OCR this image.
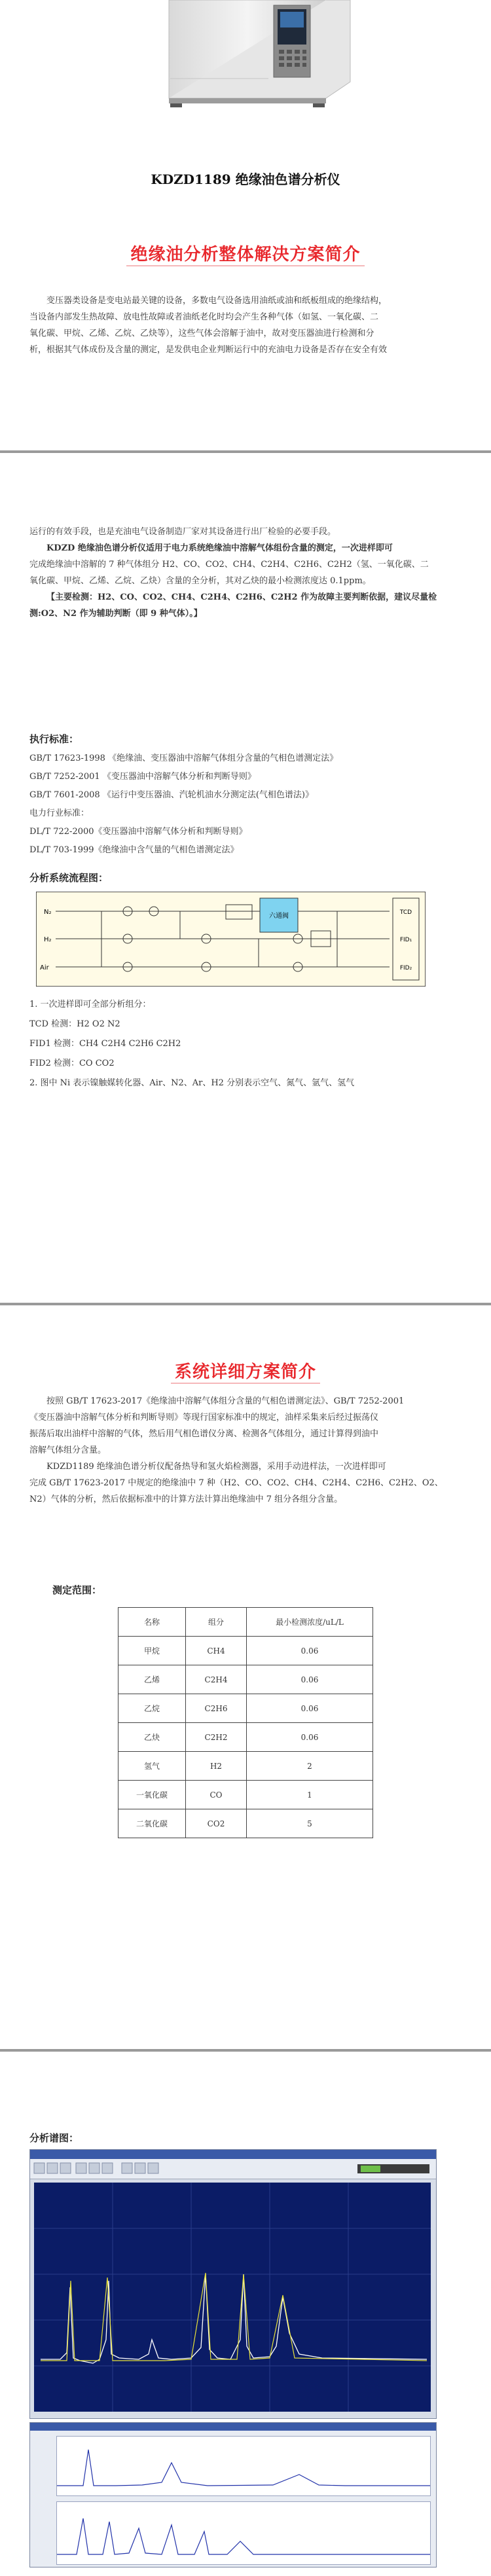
KDZD1189 绝缘油色谱分析仪
绝缘油分析整体解决方案简介

变压器类设备是变电站最关键的设备，多数电气设备选用油纸或油和纸板组成的绝缘结构，

当设备内部发生热故障、放电性故障或者油纸老化时均会产生各种气体（如氢、一氧化碳、二

氧化碳、甲烷、乙烯、乙烷、乙炔等），这些气体会溶解于油中，故对变压器油进行检测和分

析，根据其气体成份及含量的测定，是发供电企业判断运行中的充油电力设备是否存在安全有效

运行的有效手段，也是充油电气设备制造厂家对其设备进行出厂检验的必要手段。

KDZD 绝缘油色谱分析仪适用于电力系统绝缘油中溶解气体组份含量的测定，一次进样即可

完成绝缘油中溶解的 7 种气体组分 H2、CO、CO2、CH4、C2H4、C2H6、C2H2（氢、一氧化碳、二

氧化碳、甲烷、乙烯、乙烷、乙炔）含量的全分析，其对乙炔的最小检测浓度达 0.1ppm。

【主要检测：H2、CO、CO2、CH4、C2H4、C2H6、C2H2 作为故障主要判断依据，建议尽量检

测:O2、N2 作为辅助判断（即 9 种气体）。】

执行标准：

GB/T 17623-1998 《绝缘油、变压器油中溶解气体组分含量的气相色谱测定法》

GB/T 7252-2001 《变压器油中溶解气体分析和判断导则》

GB/T 7601-2008 《运行中变压器油、汽轮机油水分测定法(气相色谱法)》

电力行业标准：

DL/T 722-2000《变压器油中溶解气体分析和判断导则》

DL/T 703-1999《绝缘油中含气量的气相色谱测定法》

分析系统流程图：

六通阀
N₂
H₂
Air
TCD
FID₁
FID₂

1. 一次进样即可全部分析组分：

TCD 检测：H2 O2 N2

FID1 检测：CH4 C2H4 C2H6 C2H2

FID2 检测：CO CO2

2. 图中 Ni 表示镍触媒转化器、Air、N2、Ar、H2 分别表示空气、氮气、氩气、氢气

系统详细方案简介

按照 GB/T 17623-2017《绝缘油中溶解气体组分含量的气相色谱测定法》、GB/T 7252-2001

《变压器油中溶解气体分析和判断导则》等现行国家标准中的规定，油样采集来后经过振荡仪

振荡后取出油样中溶解的气体，然后用气相色谱仪分离、检测各气体组分，通过计算得到油中

溶解气体组分含量。

KDZD1189 绝缘油色谱分析仪配备热导和氢火焰检测器，采用手动进样法，一次进样即可

完成 GB/T 17623-2017 中规定的绝缘油中 7 种（H2、CO、CO2、CH4、C2H4、C2H6、C2H2、O2、

N2）气体的分析，然后依据标准中的计算方法计算出绝缘油中 7 组分各组分含量。

测定范围：

名称	组分	最小检测浓度/uL/L
甲烷	CH4	0.06
乙烯	C2H4	0.06
乙烷	C2H6	0.06
乙炔	C2H2	0.06
氢气	H2	2
一氧化碳	CO	1
二氧化碳	CO2	5

分析谱图：
